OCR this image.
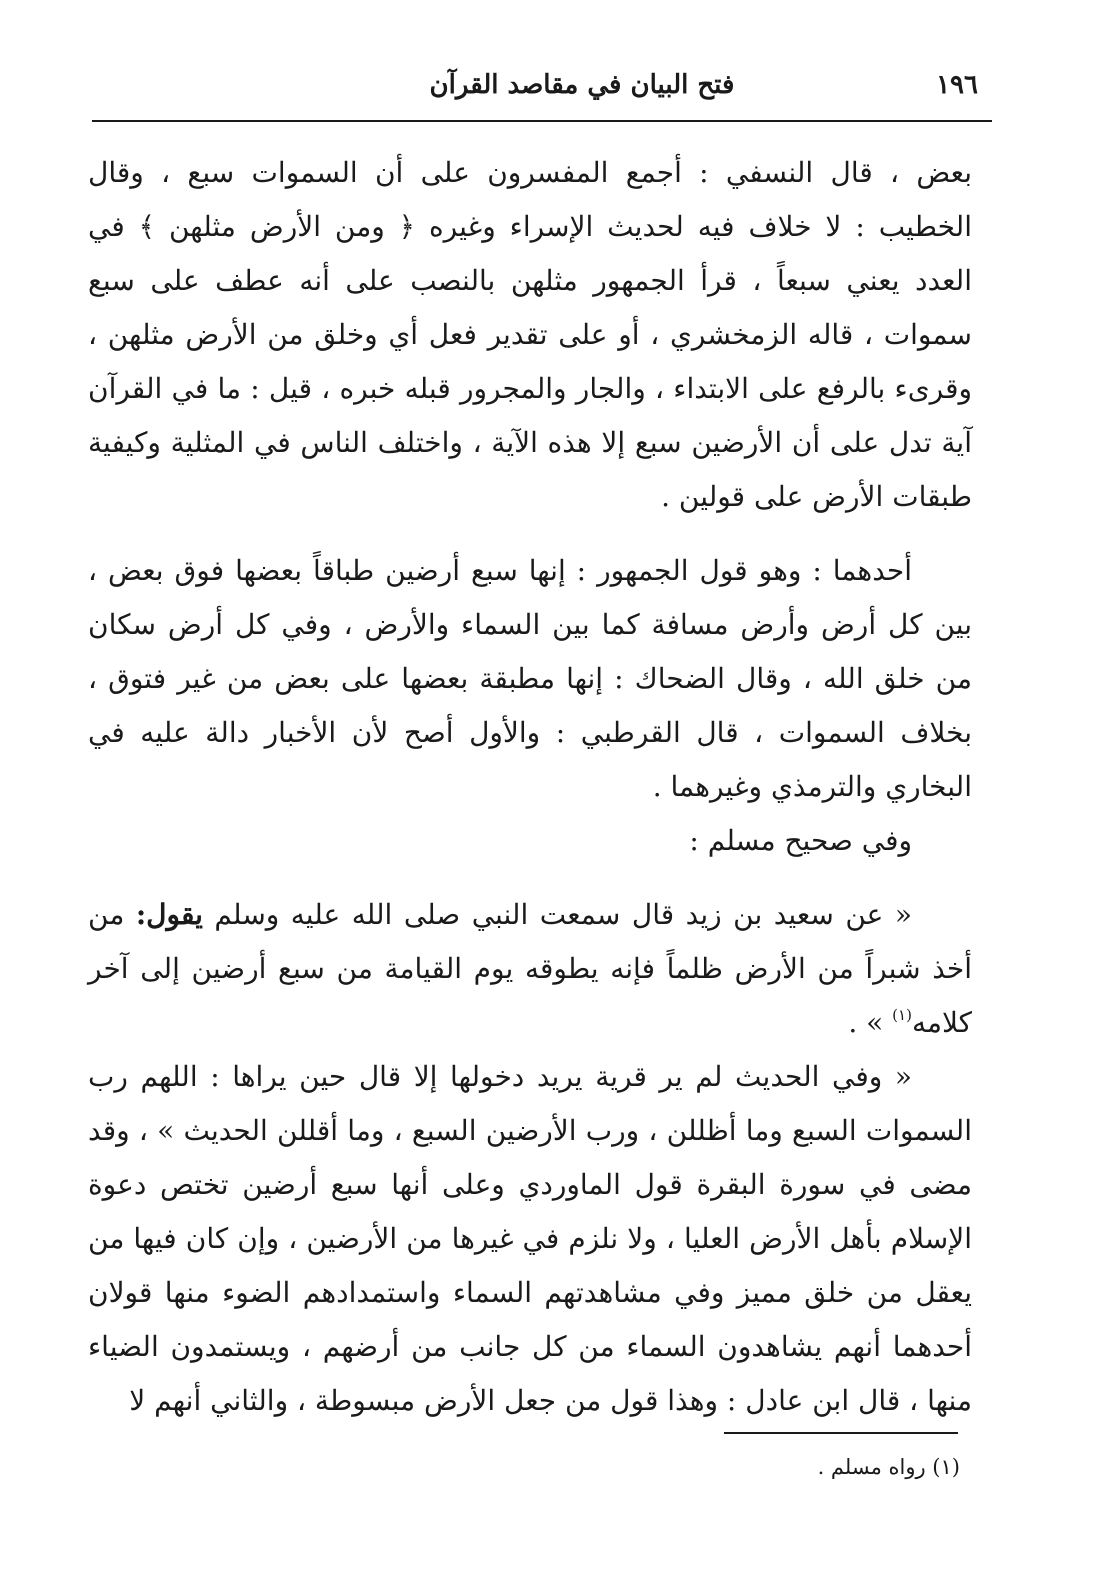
١٩٦
فتح البيان في مقاصد القرآن

بعض ، قال النسفي : أجمع المفسرون على أن السموات سبع ، وقال الخطيب : لا خلاف فيه لحديث الإسراء وغيره ﴿ ومن الأرض مثلهن ﴾ في العدد يعني سبعاً ، قرأ الجمهور مثلهن بالنصب على أنه عطف على سبع سموات ، قاله الزمخشري ، أو على تقدير فعل أي وخلق من الأرض مثلهن ، وقرىء بالرفع على الابتداء ، والجار والمجرور قبله خبره ، قيل : ما في القرآن آية تدل على أن الأرضين سبع إلا هذه الآية ، واختلف الناس في المثلية وكيفية طبقات الأرض على قولين .

أحدهما : وهو قول الجمهور : إنها سبع أرضين طباقاً بعضها فوق بعض ، بين كل أرض وأرض مسافة كما بين السماء والأرض ، وفي كل أرض سكان من خلق الله ، وقال الضحاك : إنها مطبقة بعضها على بعض من غير فتوق ، بخلاف السموات ، قال القرطبي : والأول أصح لأن الأخبار دالة عليه في البخاري والترمذي وغيرهما .

وفي صحيح مسلم :

« عن سعيد بن زيد قال سمعت النبي صلى الله عليه وسلم يقول: من أخذ شبراً من الأرض ظلماً فإنه يطوقه يوم القيامة من سبع أرضين إلى آخر كلامه$^{(١)}$ » .

« وفي الحديث لم ير قرية يريد دخولها إلا قال حين يراها : اللهم رب السموات السبع وما أظللن ، ورب الأرضين السبع ، وما أقللن الحديث » ، وقد مضى في سورة البقرة قول الماوردي وعلى أنها سبع أرضين تختص دعوة الإسلام بأهل الأرض العليا ، ولا نلزم في غيرها من الأرضين ، وإن كان فيها من يعقل من خلق مميز وفي مشاهدتهم السماء واستمدادهم الضوء منها قولان أحدهما أنهم يشاهدون السماء من كل جانب من أرضهم ، ويستمدون الضياء منها ، قال ابن عادل : وهذا قول من جعل الأرض مبسوطة ، والثاني أنهم لا

(١) رواه مسلم .
